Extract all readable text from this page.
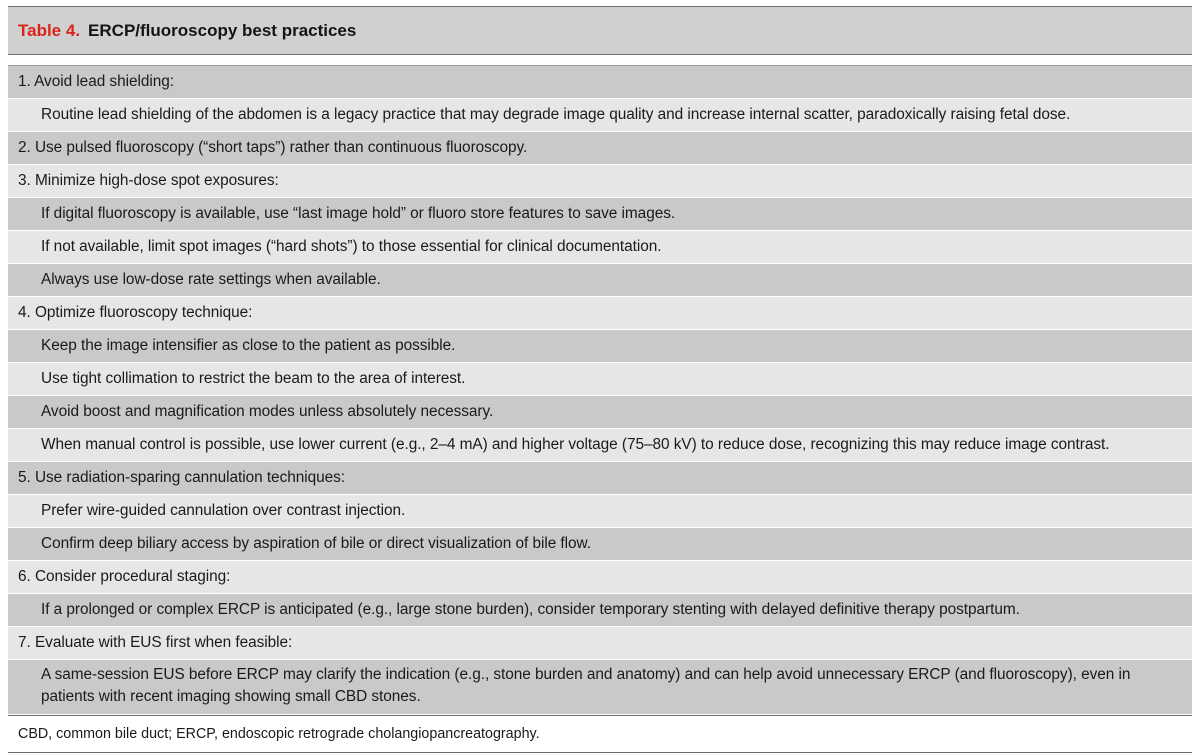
Table 4. ERCP/fluoroscopy best practices
1. Avoid lead shielding:
Routine lead shielding of the abdomen is a legacy practice that may degrade image quality and increase internal scatter, paradoxically raising fetal dose.
2. Use pulsed fluoroscopy (“short taps”) rather than continuous fluoroscopy.
3. Minimize high-dose spot exposures:
If digital fluoroscopy is available, use “last image hold” or fluoro store features to save images.
If not available, limit spot images (“hard shots”) to those essential for clinical documentation.
Always use low-dose rate settings when available.
4. Optimize fluoroscopy technique:
Keep the image intensifier as close to the patient as possible.
Use tight collimation to restrict the beam to the area of interest.
Avoid boost and magnification modes unless absolutely necessary.
When manual control is possible, use lower current (e.g., 2–4 mA) and higher voltage (75–80 kV) to reduce dose, recognizing this may reduce image contrast.
5. Use radiation-sparing cannulation techniques:
Prefer wire-guided cannulation over contrast injection.
Confirm deep biliary access by aspiration of bile or direct visualization of bile flow.
6. Consider procedural staging:
If a prolonged or complex ERCP is anticipated (e.g., large stone burden), consider temporary stenting with delayed definitive therapy postpartum.
7. Evaluate with EUS first when feasible:
A same-session EUS before ERCP may clarify the indication (e.g., stone burden and anatomy) and can help avoid unnecessary ERCP (and fluoroscopy), even in patients with recent imaging showing small CBD stones.
CBD, common bile duct; ERCP, endoscopic retrograde cholangiopancreatography.
